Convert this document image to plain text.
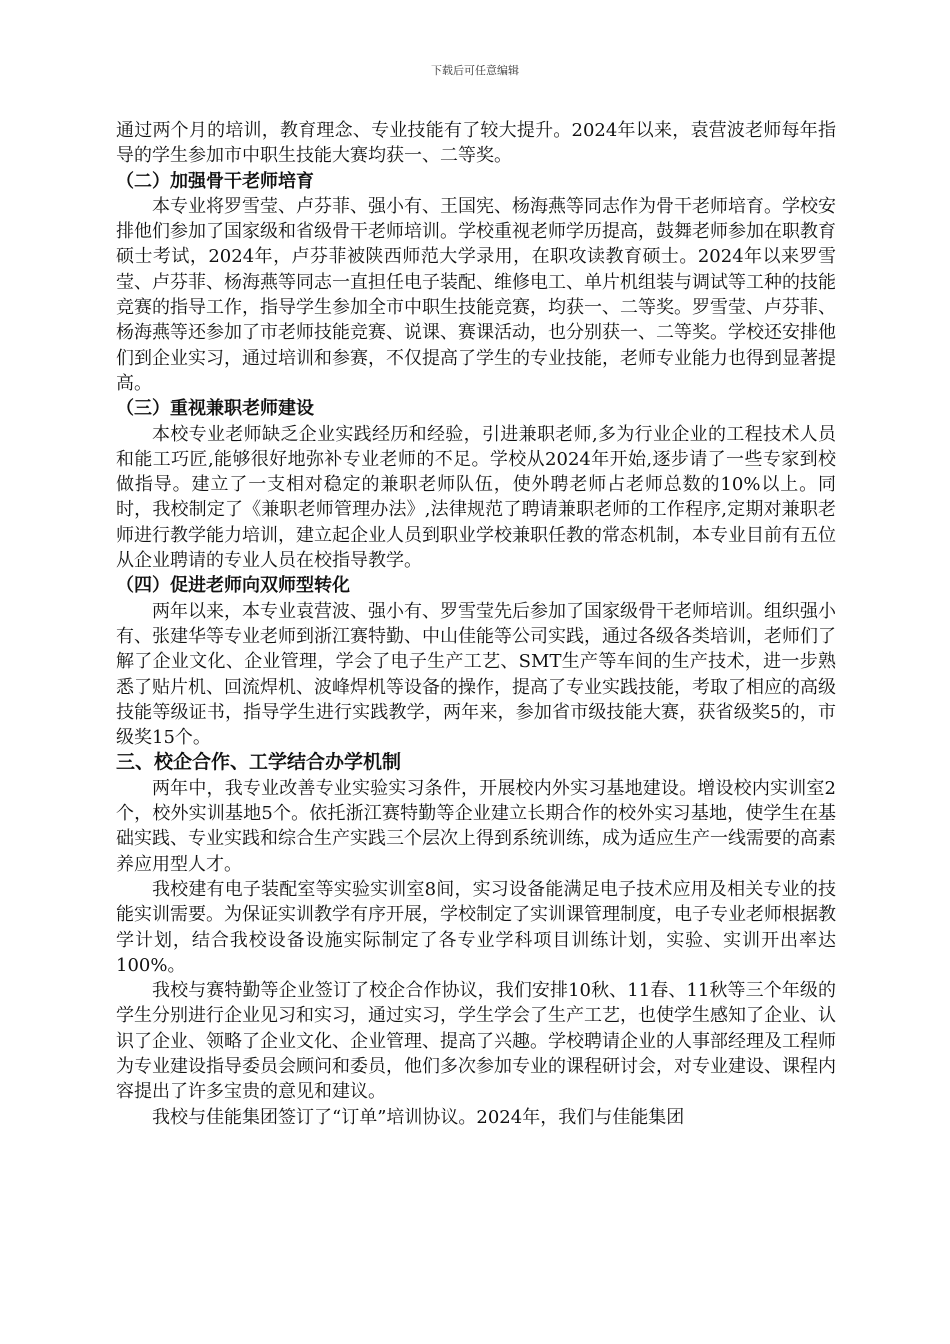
下载后可任意编辑

通过两个月的培训，教育理念、专业技能有了较大提升。2024年以来，袁营波老师每年指导的学生参加市中职生技能大赛均获一、二等奖。

（二）加强骨干老师培育

本专业将罗雪莹、卢芬菲、强小有、王国宪、杨海燕等同志作为骨干老师培育。学校安排他们参加了国家级和省级骨干老师培训。学校重视老师学历提高，鼓舞老师参加在职教育硕士考试，2024年，卢芬菲被陕西师范大学录用，在职攻读教育硕士。2024年以来罗雪莹、卢芬菲、杨海燕等同志一直担任电子装配、维修电工、单片机组装与调试等工种的技能竞赛的指导工作，指导学生参加全市中职生技能竞赛，均获一、二等奖。罗雪莹、卢芬菲、杨海燕等还参加了市老师技能竞赛、说课、赛课活动，也分别获一、二等奖。学校还安排他们到企业实习，通过培训和参赛，不仅提高了学生的专业技能，老师专业能力也得到显著提高。

（三）重视兼职老师建设

本校专业老师缺乏企业实践经历和经验，引进兼职老师,多为行业企业的工程技术人员和能工巧匠,能够很好地弥补专业老师的不足。学校从2024年开始,逐步请了一些专家到校做指导。建立了一支相对稳定的兼职老师队伍，使外聘老师占老师总数的10%以上。同时，我校制定了《兼职老师管理办法》,法律规范了聘请兼职老师的工作程序,定期对兼职老师进行教学能力培训，建立起企业人员到职业学校兼职任教的常态机制，本专业目前有五位从企业聘请的专业人员在校指导教学。

（四）促进老师向双师型转化

两年以来，本专业袁营波、强小有、罗雪莹先后参加了国家级骨干老师培训。组织强小有、张建华等专业老师到浙江赛特勤、中山佳能等公司实践，通过各级各类培训，老师们了解了企业文化、企业管理，学会了电子生产工艺、SMT生产等车间的生产技术，进一步熟悉了贴片机、回流焊机、波峰焊机等设备的操作，提高了专业实践技能，考取了相应的高级技能等级证书，指导学生进行实践教学，两年来，参加省市级技能大赛，获省级奖5的，市级奖15个。

三、校企合作、工学结合办学机制

两年中，我专业改善专业实验实习条件，开展校内外实习基地建设。增设校内实训室2个，校外实训基地5个。依托浙江赛特勤等企业建立长期合作的校外实习基地，使学生在基础实践、专业实践和综合生产实践三个层次上得到系统训练，成为适应生产一线需要的高素养应用型人才。

我校建有电子装配室等实验实训室8间，实习设备能满足电子技术应用及相关专业的技能实训需要。为保证实训教学有序开展，学校制定了实训课管理制度，电子专业老师根据教学计划，结合我校设备设施实际制定了各专业学科项目训练计划，实验、实训开出率达100%。

我校与赛特勤等企业签订了校企合作协议，我们安排10秋、11春、11秋等三个年级的学生分别进行企业见习和实习，通过实习，学生学会了生产工艺，也使学生感知了企业、认识了企业、领略了企业文化、企业管理、提高了兴趣。学校聘请企业的人事部经理及工程师为专业建设指导委员会顾问和委员，他们多次参加专业的课程研讨会，对专业建设、课程内容提出了许多宝贵的意见和建议。

我校与佳能集团签订了“订单”培训协议。2024年，我们与佳能集团
